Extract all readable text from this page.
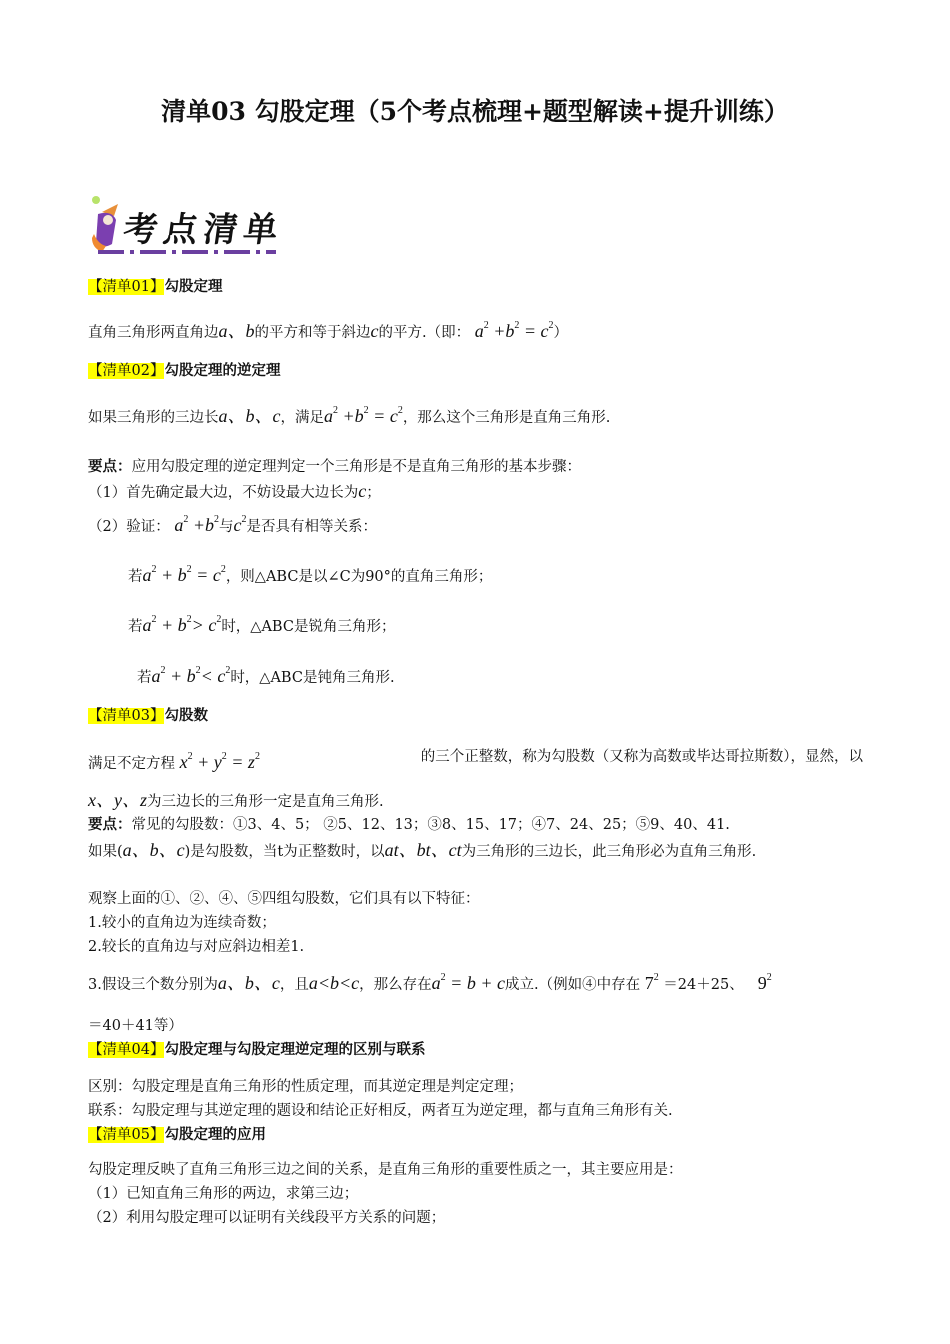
清单03 勾股定理（5个考点梳理+题型解读+提升训练）
考点清单
【清单01】勾股定理
直角三角形两直角边a、b的平方和等于斜边c的平方.（即： $a^2 +b^2 = c^2$）
【清单02】勾股定理的逆定理
如果三角形的三边长a、b、c，满足$a^2 +b^2 = c^2$，那么这个三角形是直角三角形.
要点：应用勾股定理的逆定理判定一个三角形是不是直角三角形的基本步骤：
（1）首先确定最大边，不妨设最大边长为c；
（2）验证： $a^2 +b^2$与$c^2$是否具有相等关系：
若$a^2 + b^2 = c^2$，则△ABC是以∠C为90°的直角三角形；
若$a^2 + b^2> c^2$时，△ABC是锐角三角形；
若$a^2 + b^2< c^2$时，△ABC是钝角三角形.
【清单03】勾股数
满足不定方程 $x^2 + y^2 = z^2$	的三个正整数，称为勾股数（又称为高数或毕达哥拉斯数），显然，以
x、y、z为三边长的三角形一定是直角三角形.
要点：常见的勾股数：①3、4、5； ②5、12、13；③8、15、17；④7、24、25；⑤9、40、41.
如果(a、b、c)是勾股数，当t为正整数时，以at、bt、ct为三角形的三边长，此三角形必为直角三角形.
观察上面的①、②、④、⑤四组勾股数，它们具有以下特征：
1.较小的直角边为连续奇数；
2.较长的直角边与对应斜边相差1.
3.假设三个数分别为a、b、c，且a<b<c，那么存在$a^2 = b + c$成立.（例如④中存在 $7^2 =24+25$、 $9^2$
＝40＋41等）
【清单04】勾股定理与勾股定理逆定理的区别与联系
区别：勾股定理是直角三角形的性质定理，而其逆定理是判定定理；
联系：勾股定理与其逆定理的题设和结论正好相反，两者互为逆定理，都与直角三角形有关.
【清单05】勾股定理的应用
勾股定理反映了直角三角形三边之间的关系，是直角三角形的重要性质之一，其主要应用是：
（1）已知直角三角形的两边，求第三边；
（2）利用勾股定理可以证明有关线段平方关系的问题；
